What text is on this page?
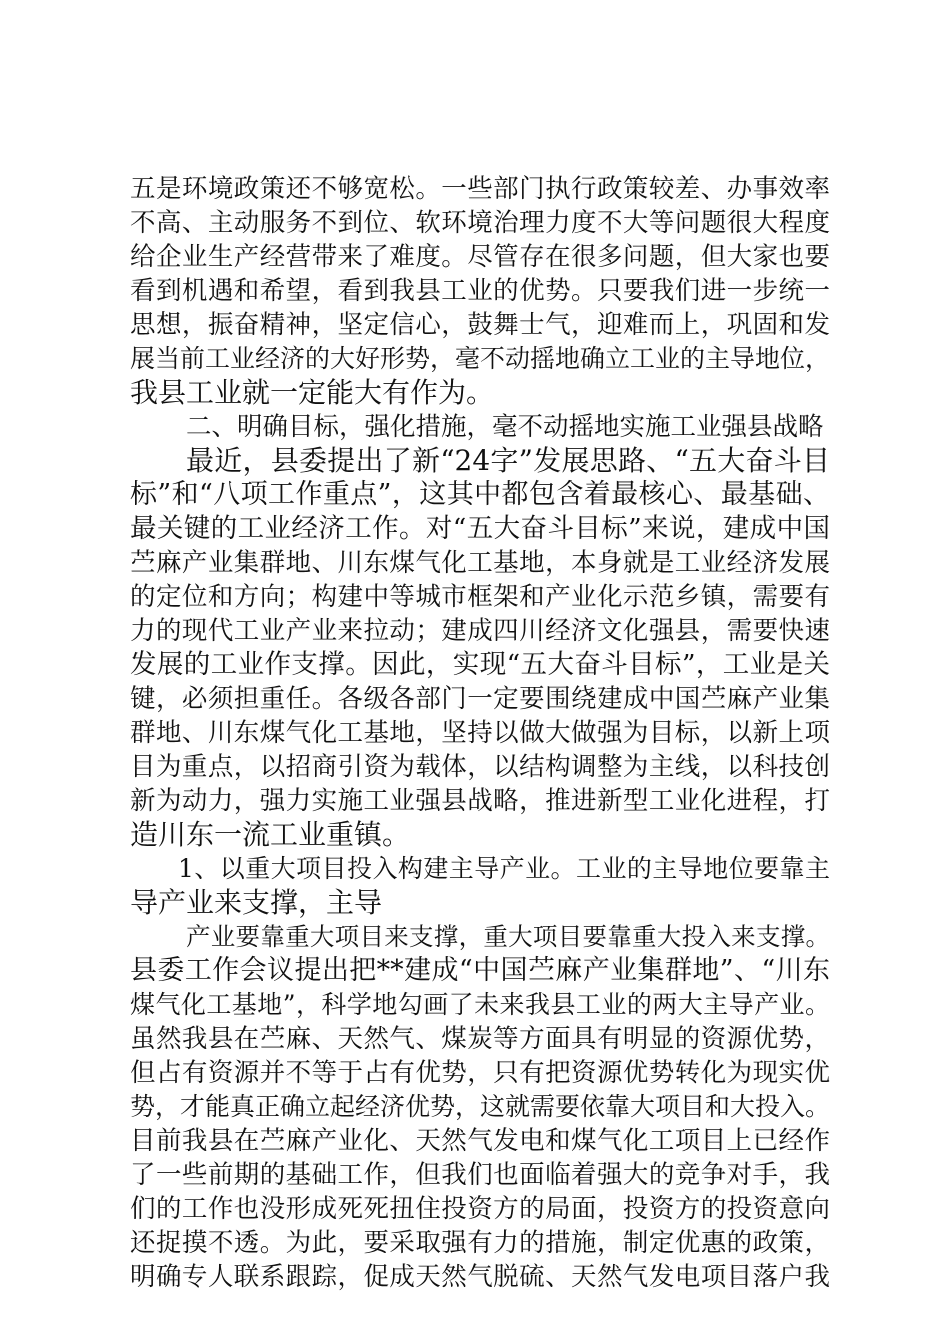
五是环境政策还不够宽松。一些部门执行政策较差、办事效率
不高、主动服务不到位、软环境治理力度不大等问题很大程度
给企业生产经营带来了难度。尽管存在很多问题，但大家也要
看到机遇和希望，看到我县工业的优势。只要我们进一步统一
思想，振奋精神，坚定信心，鼓舞士气，迎难而上，巩固和发
展当前工业经济的大好形势，毫不动摇地确立工业的主导地位，
我县工业就一定能大有作为。
二、明确目标，强化措施，毫不动摇地实施工业强县战略
最近，县委提出了新“24字”发展思路、“五大奋斗目
标”和“八项工作重点”，这其中都包含着最核心、最基础、
最关键的工业经济工作。对“五大奋斗目标”来说，建成中国
苎麻产业集群地、川东煤气化工基地，本身就是工业经济发展
的定位和方向；构建中等城市框架和产业化示范乡镇，需要有
力的现代工业产业来拉动；建成四川经济文化强县，需要快速
发展的工业作支撑。因此，实现“五大奋斗目标”，工业是关
键，必须担重任。各级各部门一定要围绕建成中国苎麻产业集
群地、川东煤气化工基地，坚持以做大做强为目标，以新上项
目为重点，以招商引资为载体，以结构调整为主线，以科技创
新为动力，强力实施工业强县战略，推进新型工业化进程，打
造川东一流工业重镇。
1、以重大项目投入构建主导产业。工业的主导地位要靠主
导产业来支撑，主导
产业要靠重大项目来支撑，重大项目要靠重大投入来支撑。
县委工作会议提出把**建成“中国苎麻产业集群地”、“川东
煤气化工基地”，科学地勾画了未来我县工业的两大主导产业。
虽然我县在苎麻、天然气、煤炭等方面具有明显的资源优势，
但占有资源并不等于占有优势，只有把资源优势转化为现实优
势，才能真正确立起经济优势，这就需要依靠大项目和大投入。
目前我县在苎麻产业化、天然气发电和煤气化工项目上已经作
了一些前期的基础工作，但我们也面临着强大的竞争对手，我
们的工作也没形成死死扭住投资方的局面，投资方的投资意向
还捉摸不透。为此，要采取强有力的措施，制定优惠的政策，
明确专人联系跟踪，促成天然气脱硫、天然气发电项目落户我
